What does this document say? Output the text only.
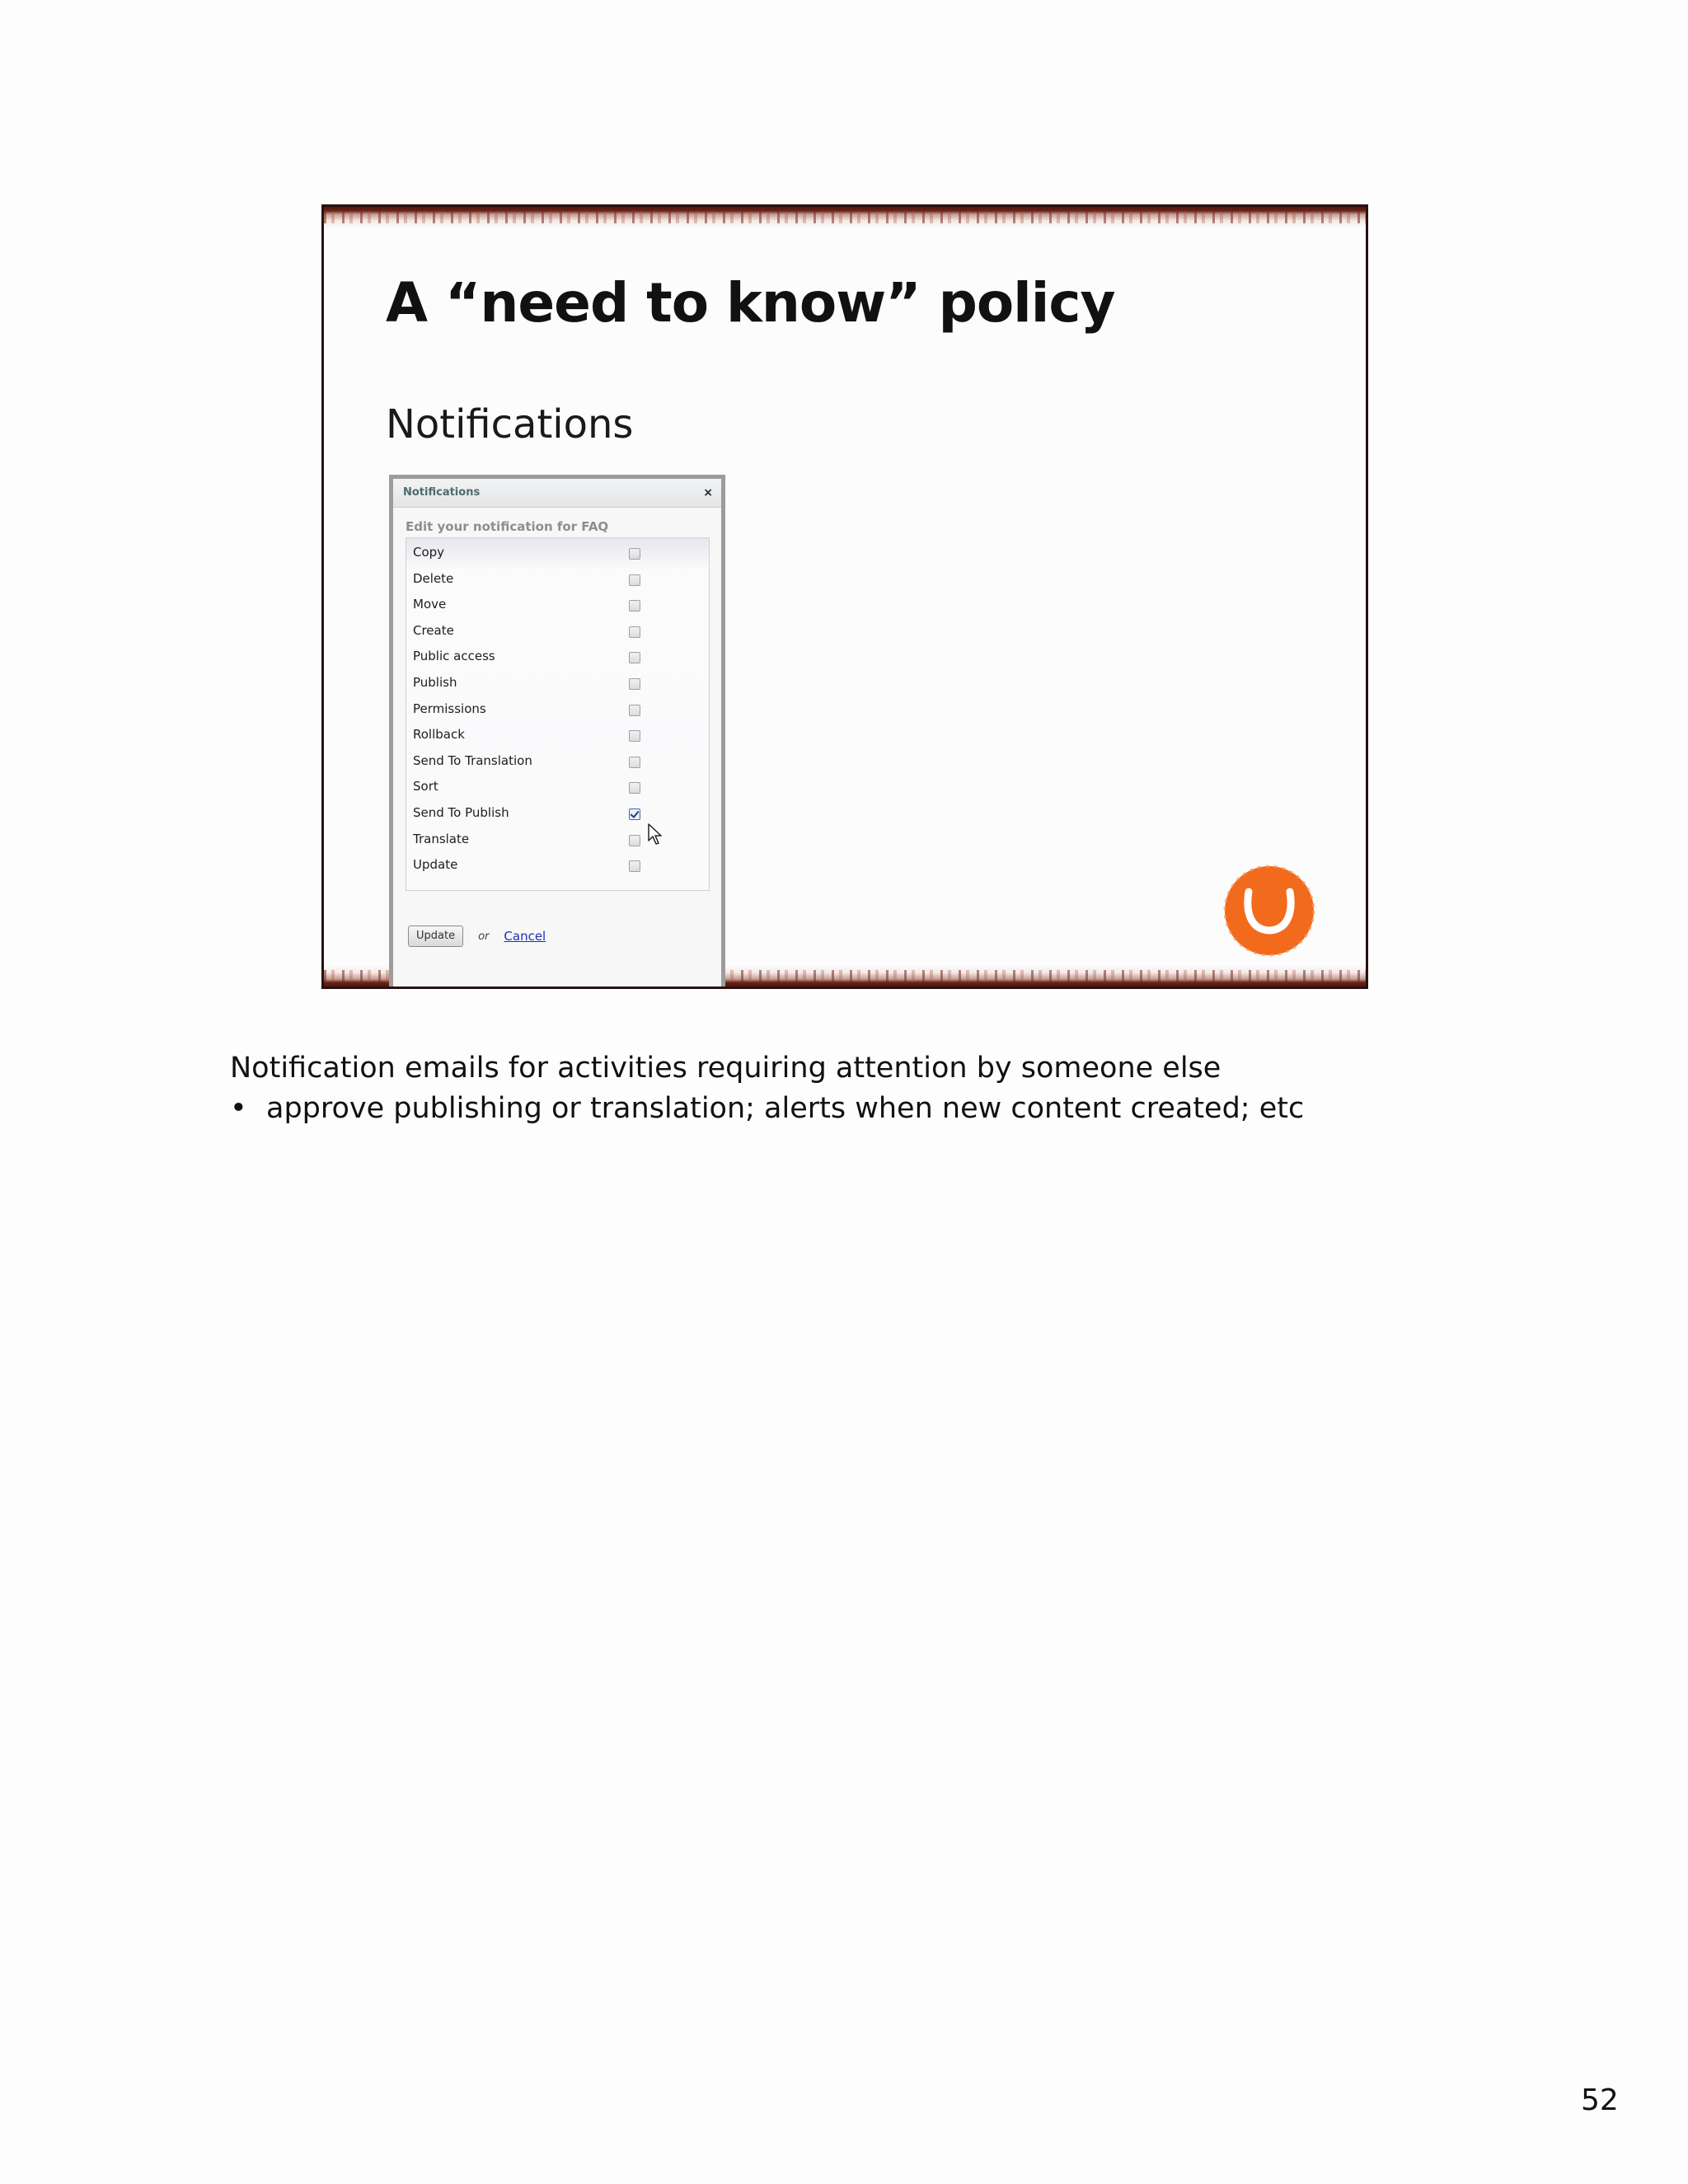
A “need to know” policy
Notifications
Notifications	×
Edit your notification for FAQ
Copy
Delete
Move
Create
Public access
Publish
Permissions
Rollback
Send To Translation
Sort
Send To Publish
Translate
Update
Update	or Cancel
Notification emails for activities requiring attention by someone else
• approve publishing or translation; alerts when new content created; etc
52
